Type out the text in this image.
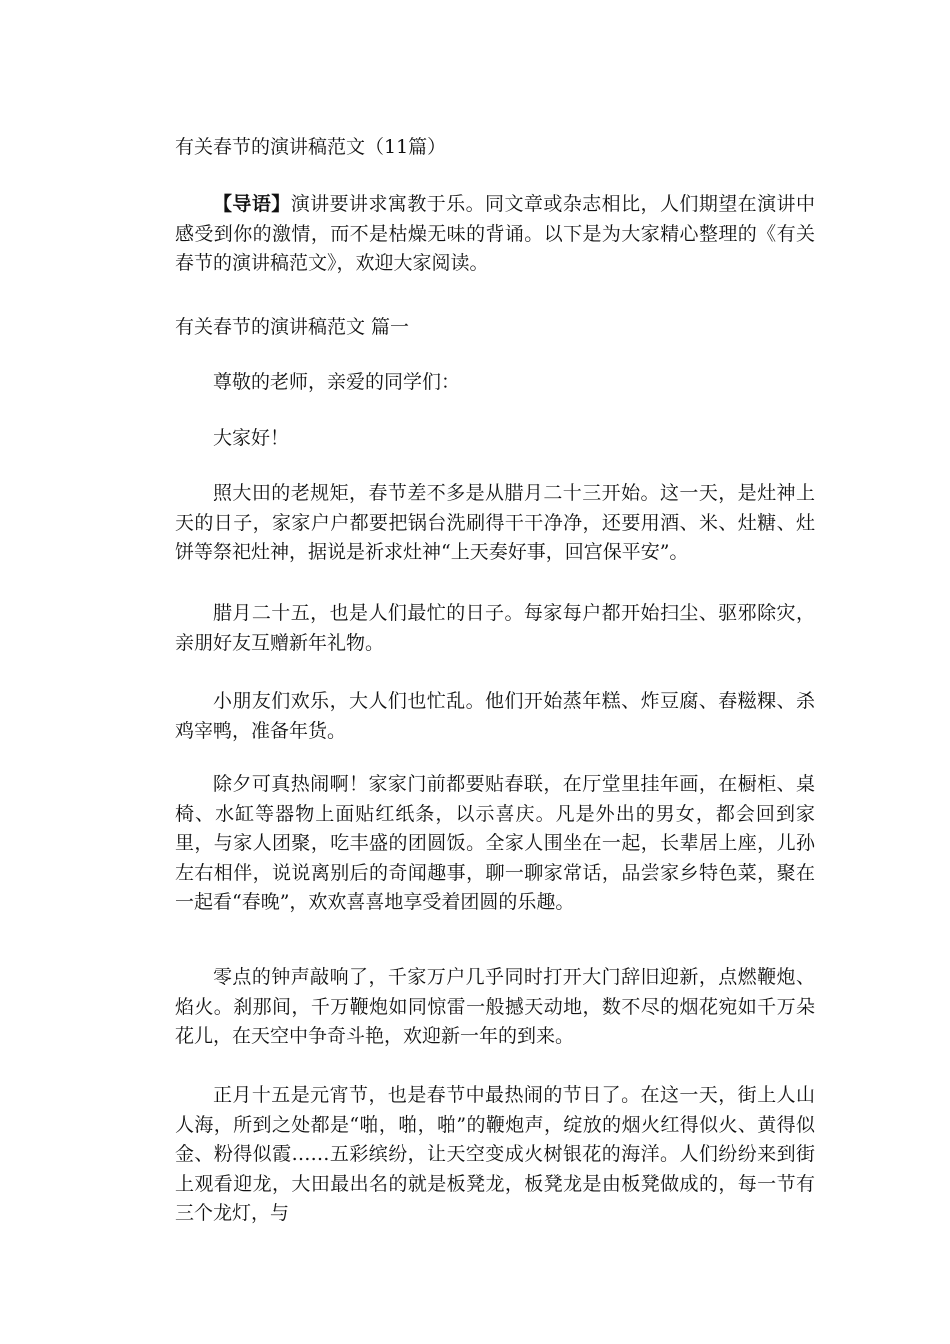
有关春节的演讲稿范文（11篇）

【导语】演讲要讲求寓教于乐。同文章或杂志相比，人们期望在演讲中感受到你的激情，而不是枯燥无味的背诵。以下是为大家精心整理的《有关春节的演讲稿范文》，欢迎大家阅读。

有关春节的演讲稿范文 篇一

尊敬的老师，亲爱的同学们：

大家好！

照大田的老规矩，春节差不多是从腊月二十三开始。这一天，是灶神上天的日子，家家户户都要把锅台洗刷得干干净净，还要用酒、米、灶糖、灶饼等祭祀灶神，据说是祈求灶神“上天奏好事，回宫保平安”。

腊月二十五，也是人们最忙的日子。每家每户都开始扫尘、驱邪除灾，亲朋好友互赠新年礼物。

小朋友们欢乐，大人们也忙乱。他们开始蒸年糕、炸豆腐、舂糍粿、杀鸡宰鸭，准备年货。

除夕可真热闹啊！家家门前都要贴春联，在厅堂里挂年画，在橱柜、桌椅、水缸等器物上面贴红纸条，以示喜庆。凡是外出的男女，都会回到家里，与家人团聚，吃丰盛的团圆饭。全家人围坐在一起，长辈居上座，儿孙左右相伴，说说离别后的奇闻趣事，聊一聊家常话，品尝家乡特色菜，聚在一起看“春晚”，欢欢喜喜地享受着团圆的乐趣。

零点的钟声敲响了，千家万户几乎同时打开大门辞旧迎新，点燃鞭炮、焰火。刹那间，千万鞭炮如同惊雷一般撼天动地，数不尽的烟花宛如千万朵花儿，在天空中争奇斗艳，欢迎新一年的到来。

正月十五是元宵节，也是春节中最热闹的节日了。在这一天，街上人山人海，所到之处都是“啪，啪，啪”的鞭炮声，绽放的烟火红得似火、黄得似金、粉得似霞……五彩缤纷，让天空变成火树银花的海洋。人们纷纷来到街上观看迎龙，大田最出名的就是板凳龙，板凳龙是由板凳做成的，每一节有三个龙灯，与
